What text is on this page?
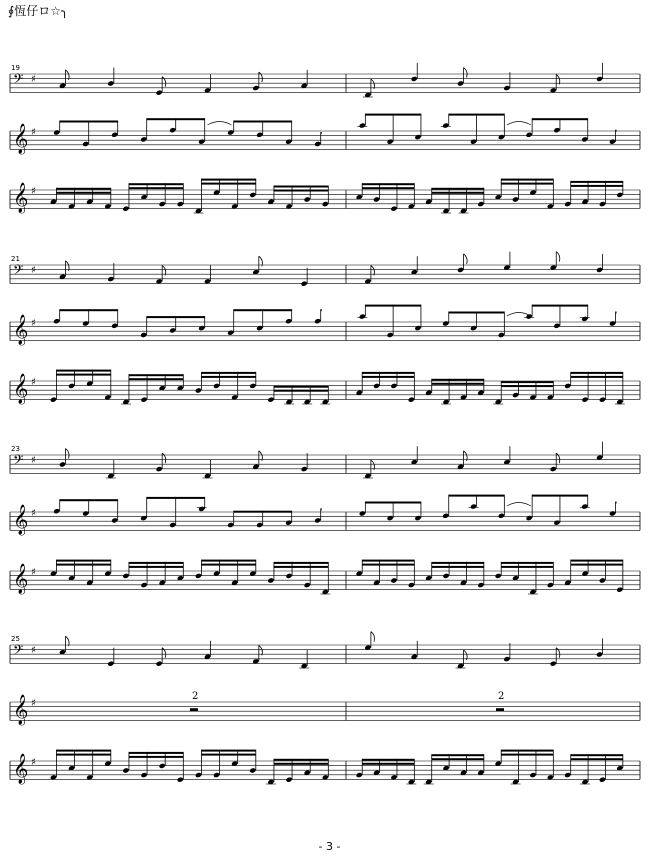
∮恆仔ロ☆╮
19
𝄢 ♯
𝄞 ♯
𝄞 ♯
21
𝄢 ♯
𝄞 ♯
𝄞 ♯
23
𝄢 ♯
𝄞 ♯
𝄞 ♯
25
𝄢 ♯
𝄞 ♯
2	2
𝄞 ♯
- 3 -
